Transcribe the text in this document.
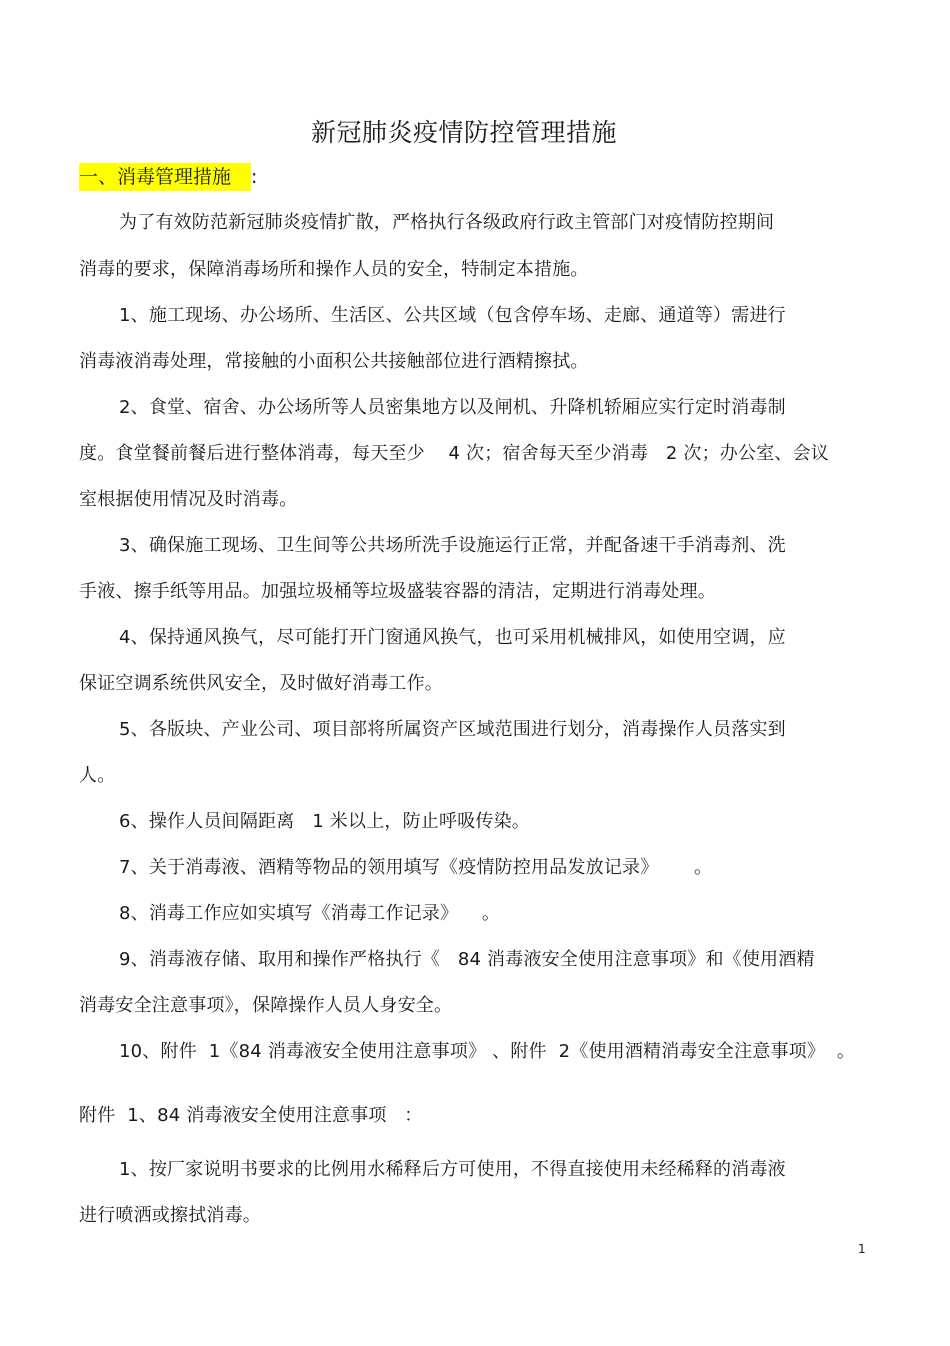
新冠肺炎疫情防控管理措施
一、消毒管理措施 :
为了有效防范新冠肺炎疫情扩散，严格执行各级政府行政主管部门对疫情防控期间
消毒的要求，保障消毒场所和操作人员的安全，特制定本措施。
1、施工现场、办公场所、生活区、公共区域（包含停车场、走廊、通道等）需进行
消毒液消毒处理，常接触的小面积公共接触部位进行酒精擦拭。
2、食堂、宿舍、办公场所等人员密集地方以及闸机、升降机轿厢应实行定时消毒制
度。食堂餐前餐后进行整体消毒，每天至少    4 次；宿舍每天至少消毒   2 次；办公室、会议
室根据使用情况及时消毒。
3、确保施工现场、卫生间等公共场所洗手设施运行正常，并配备速干手消毒剂、洗
手液、擦手纸等用品。加强垃圾桶等垃圾盛装容器的清洁，定期进行消毒处理。
4、保持通风换气，尽可能打开门窗通风换气，也可采用机械排风，如使用空调，应
保证空调系统供风安全，及时做好消毒工作。
5、各版块、产业公司、项目部将所属资产区域范围进行划分，消毒操作人员落实到
人。
6、操作人员间隔距离   1 米以上，防止呼吸传染。
7、关于消毒液、酒精等物品的领用填写《疫情防控用品发放记录》      。
8、消毒工作应如实填写《消毒工作记录》    。
9、消毒液存储、取用和操作严格执行《   84 消毒液安全使用注意事项》和《使用酒精
消毒安全注意事项》，保障操作人员人身安全。
10、附件  1《84 消毒液安全使用注意事项》 、附件  2《使用酒精消毒安全注意事项》  。
附件  1、84 消毒液安全使用注意事项   ：
1、按厂家说明书要求的比例用水稀释后方可使用，不得直接使用未经稀释的消毒液
进行喷洒或擦拭消毒。
1
